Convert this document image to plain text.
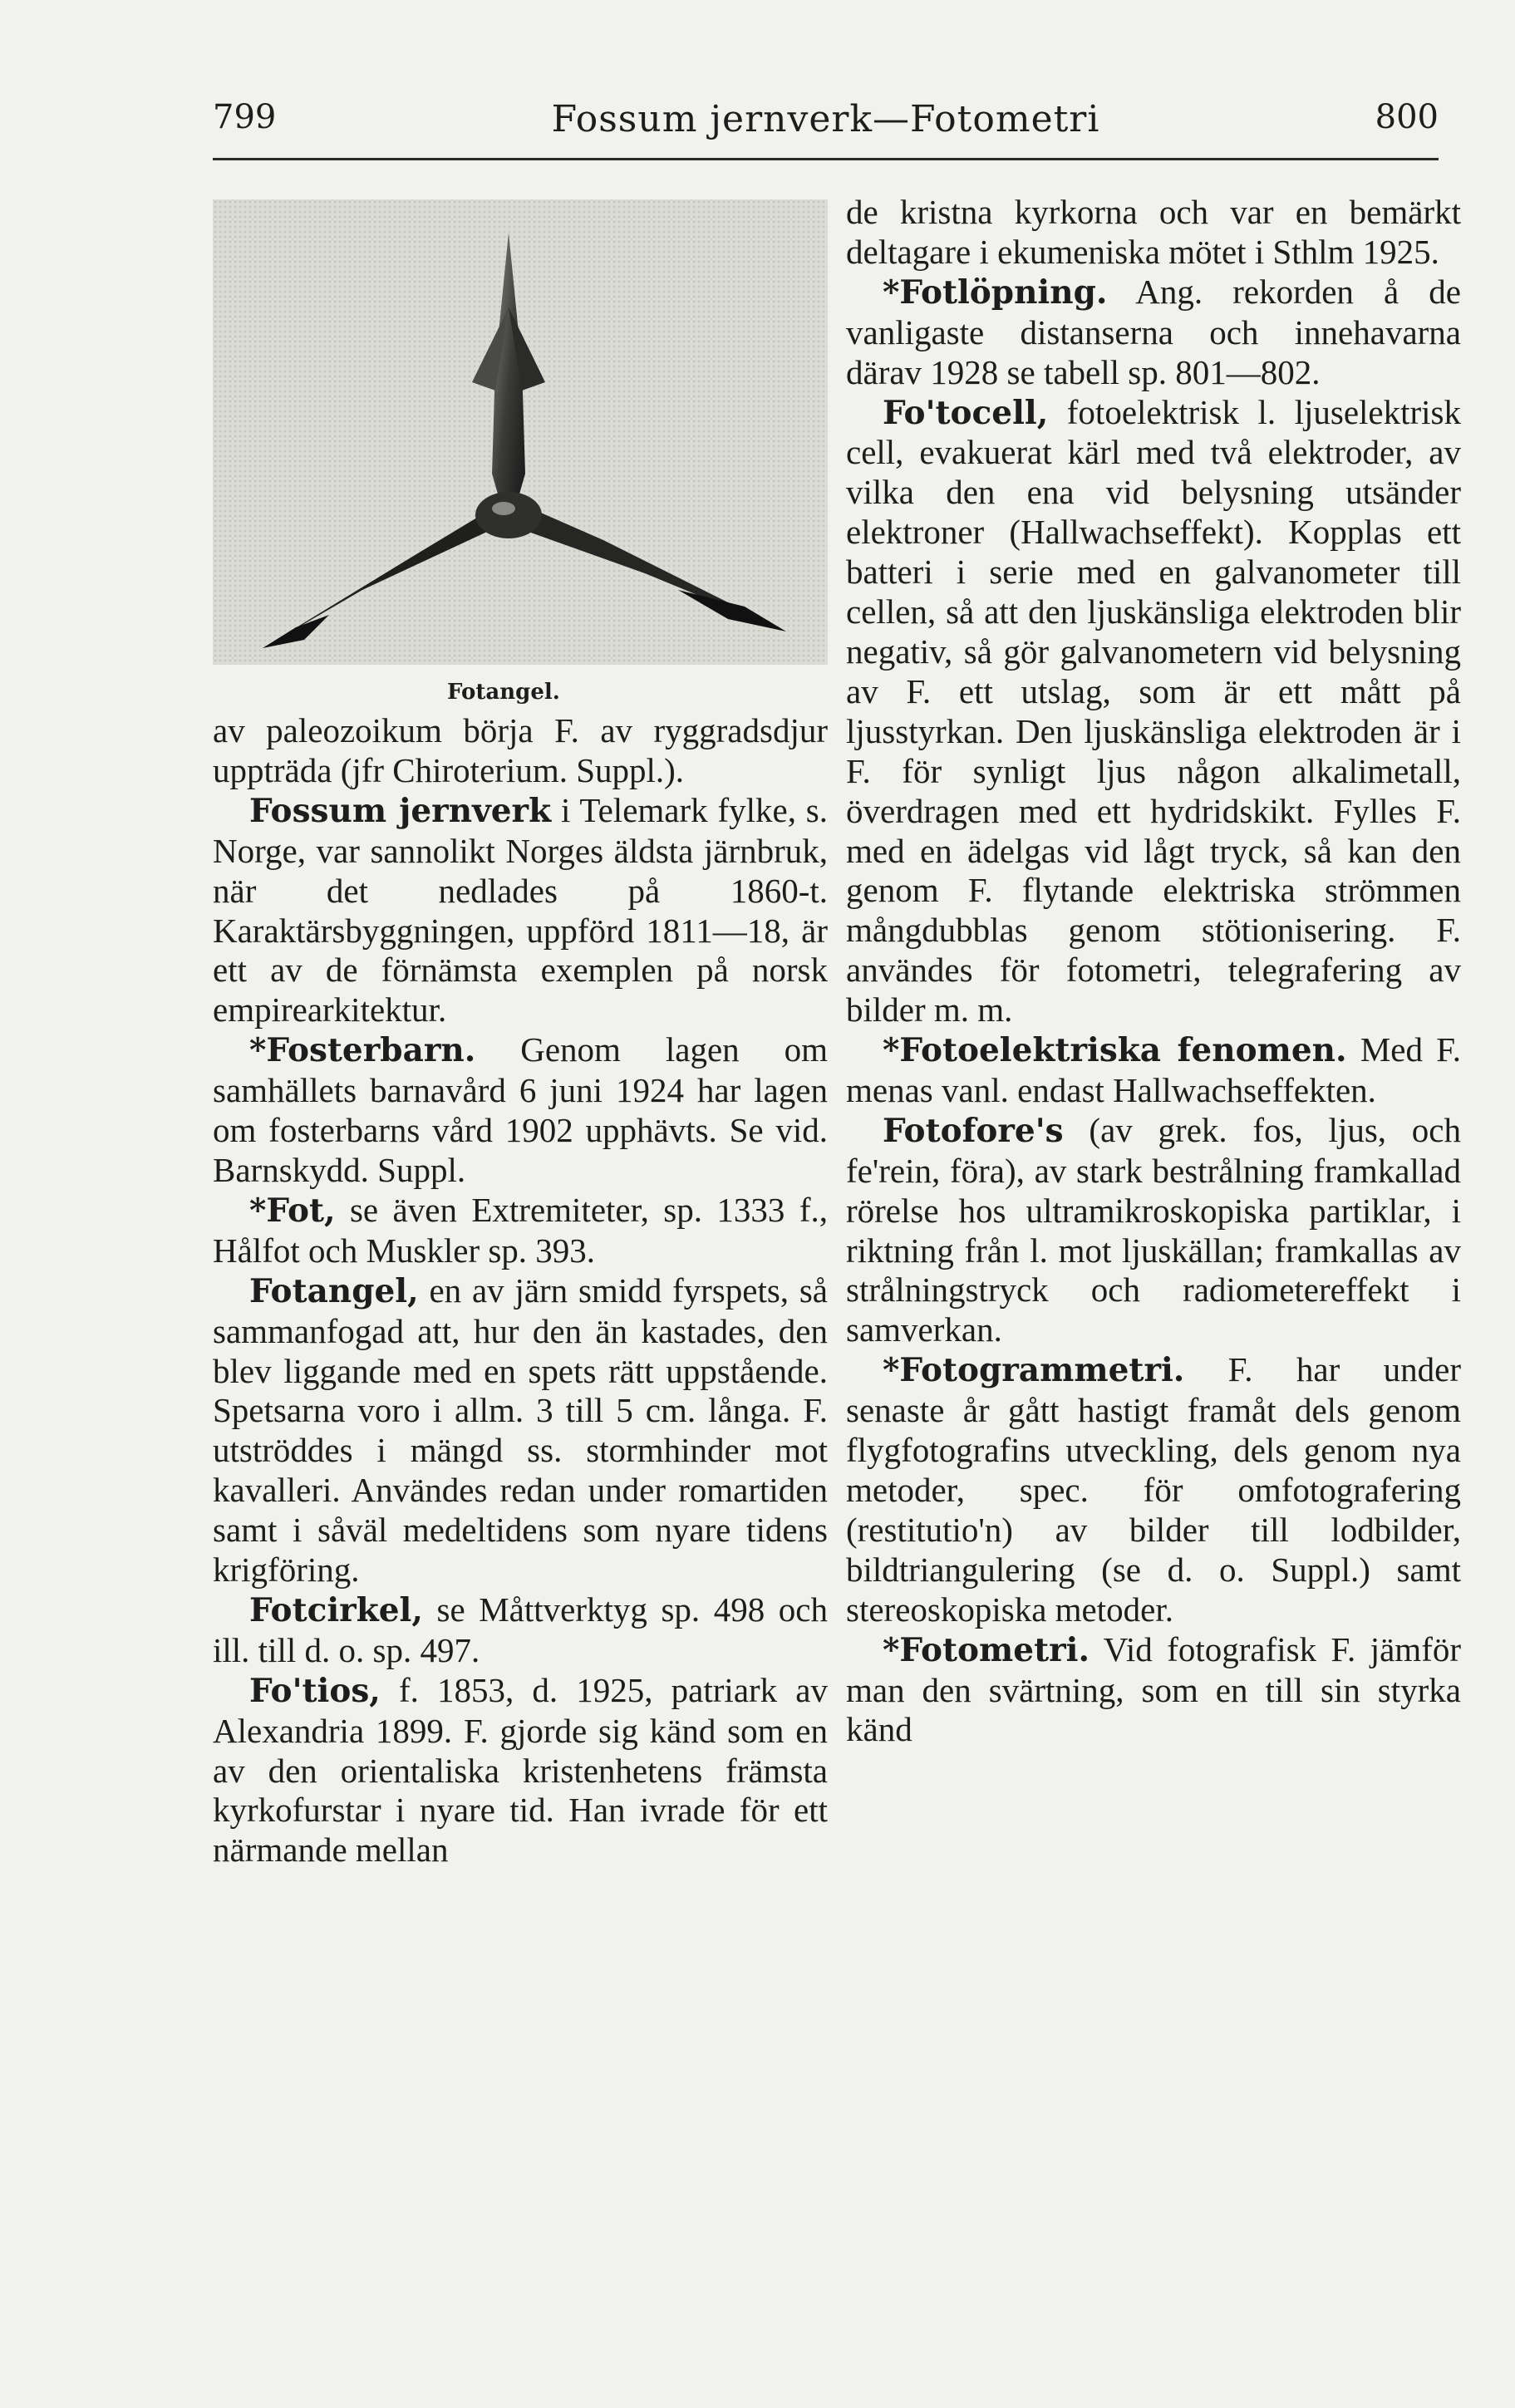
799	Fossum jernverk—Fotometri	800
Fotangel.

av paleozoikum börja F. av ryggradsdjur uppträda (jfr Chiroterium. Suppl.).

Fossum jernverk i Telemark fylke, s. Norge, var sannolikt Norges äldsta järnbruk, när det nedlades på 1860-t. Karaktärsbyggningen, uppförd 1811—18, är ett av de förnämsta exemplen på norsk empirearkitektur.

*Fosterbarn. Genom lagen om samhällets barnavård 6 juni 1924 har lagen om fosterbarns vård 1902 upphävts. Se vid. Barnskydd. Suppl.

*Fot, se även Extremiteter, sp. 1333 f., Hålfot och Muskler sp. 393.

Fotangel, en av järn smidd fyrspets, så sammanfogad att, hur den än kastades, den blev liggande med en spets rätt uppstående. Spetsarna voro i allm. 3 till 5 cm. långa. F. utströddes i mängd ss. stormhinder mot kavalleri. Användes redan under romartiden samt i såväl medeltidens som nyare tidens krigföring.

Fotcirkel, se Måttverktyg sp. 498 och ill. till d. o. sp. 497.

Fo'tios, f. 1853, d. 1925, patriark av Alexandria 1899. F. gjorde sig känd som en av den orientaliska kristenhetens främsta kyrkofurstar i nyare tid. Han ivrade för ett närmande mellan

de kristna kyrkorna och var en bemärkt deltagare i ekumeniska mötet i Sthlm 1925.

*Fotlöpning. Ang. rekorden å de vanligaste distanserna och innehavarna därav 1928 se tabell sp. 801—802.

Fo'tocell, fotoelektrisk l. ljuselektrisk cell, evakuerat kärl med två elektroder, av vilka den ena vid belysning utsänder elektroner (Hallwachseffekt). Kopplas ett batteri i serie med en galvanometer till cellen, så att den ljuskänsliga elektroden blir negativ, så gör galvanometern vid belysning av F. ett utslag, som är ett mått på ljusstyrkan. Den ljuskänsliga elektroden är i F. för synligt ljus någon alkalimetall, överdragen med ett hydridskikt. Fylles F. med en ädelgas vid lågt tryck, så kan den genom F. flytande elektriska strömmen mångdubblas genom stötionisering. F. användes för fotometri, telegrafering av bilder m. m.

*Fotoelektriska fenomen. Med F. menas vanl. endast Hallwachseffekten.

Fotofore's (av grek. fos, ljus, och fe'rein, föra), av stark bestrålning framkallad rörelse hos ultramikroskopiska partiklar, i riktning från l. mot ljuskällan; framkallas av strålningstryck och radiometereffekt i samverkan.

*Fotogrammetri. F. har under senaste år gått hastigt framåt dels genom flygfotografins utveckling, dels genom nya metoder, spec. för omfotografering (restitutio'n) av bilder till lodbilder, bildtriangulering (se d. o. Suppl.) samt stereoskopiska metoder.

*Fotometri. Vid fotografisk F. jämför man den svärtning, som en till sin styrka känd
